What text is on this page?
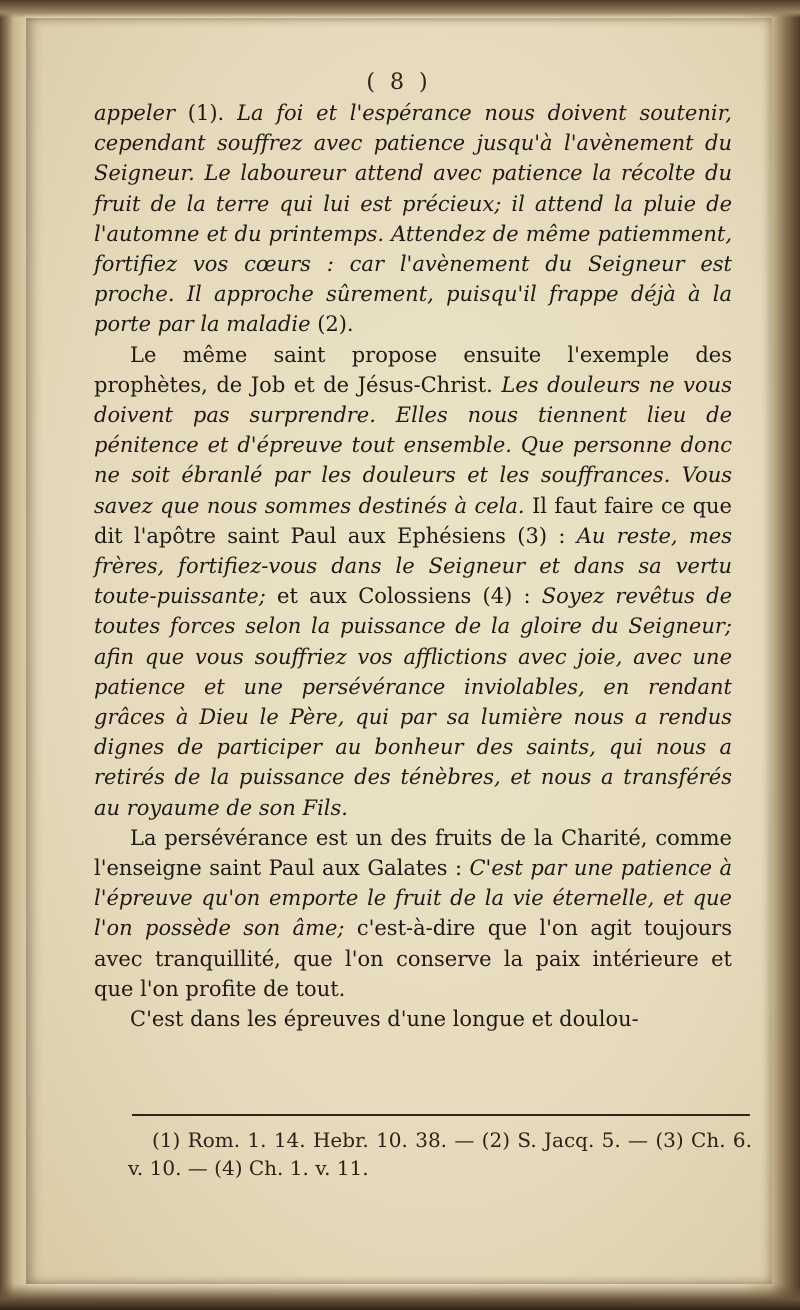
( 8 )

appeler (1). La foi et l'espérance nous doivent soutenir, cependant souffrez avec patience jusqu'à l'avènement du Seigneur. Le laboureur attend avec patience la récolte du fruit de la terre qui lui est précieux; il attend la pluie de l'automne et du printemps. Attendez de même patiemment, fortifiez vos cœurs : car l'avènement du Seigneur est proche. Il approche sûrement, puisqu'il frappe déjà à la porte par la maladie (2).

Le même saint propose ensuite l'exemple des prophètes, de Job et de Jésus-Christ. Les douleurs ne vous doivent pas surprendre. Elles nous tiennent lieu de pénitence et d'épreuve tout ensemble. Que personne donc ne soit ébranlé par les douleurs et les souffrances. Vous savez que nous sommes destinés à cela. Il faut faire ce que dit l'apôtre saint Paul aux Ephésiens (3) : Au reste, mes frères, fortifiez-vous dans le Seigneur et dans sa vertu toute-puissante; et aux Colossiens (4) : Soyez revêtus de toutes forces selon la puissance de la gloire du Seigneur; afin que vous souffriez vos afflictions avec joie, avec une patience et une persévérance inviolables, en rendant grâces à Dieu le Père, qui par sa lumière nous a rendus dignes de participer au bonheur des saints, qui nous a retirés de la puissance des ténèbres, et nous a transférés au royaume de son Fils.

La persévérance est un des fruits de la Charité, comme l'enseigne saint Paul aux Galates : C'est par une patience à l'épreuve qu'on emporte le fruit de la vie éternelle, et que l'on possède son âme; c'est-à-dire que l'on agit toujours avec tranquillité, que l'on conserve la paix intérieure et que l'on profite de tout.

C'est dans les épreuves d'une longue et doulou-

(1) Rom. 1. 14. Hebr. 10. 38. — (2) S. Jacq. 5. — (3) Ch. 6. v. 10. — (4) Ch. 1. v. 11.
